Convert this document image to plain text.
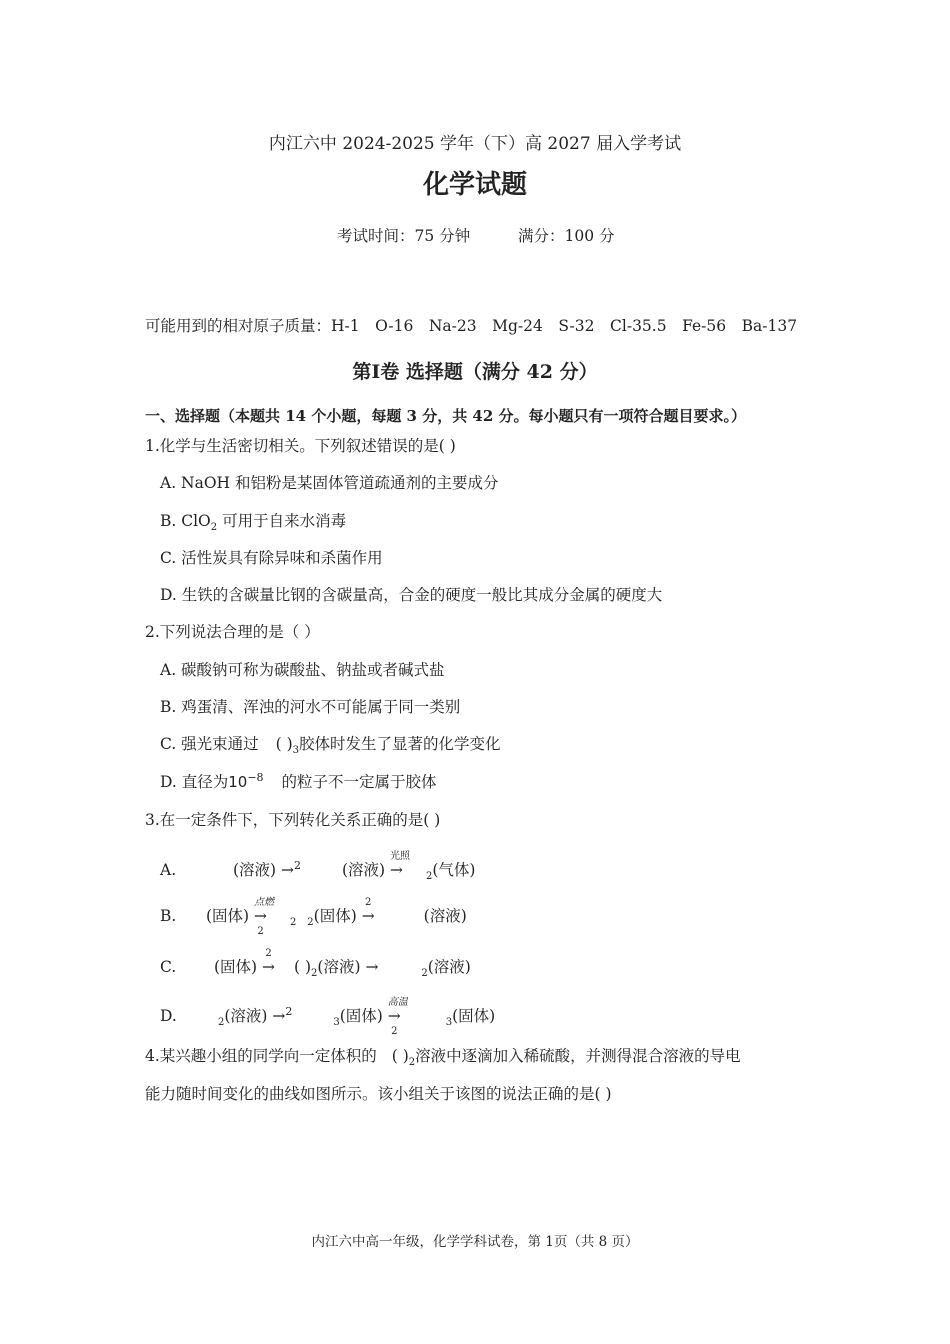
内江六中 2024-2025 学年（下）高 2027 届入学考试
化学试题
考试时间：75 分钟	满分：100 分
可能用到的相对原子质量：H-1　O-16　Na-23　Mg-24　S-32　Cl-35.5　Fe-56　Ba-137
第Ⅰ卷 选择题（满分 42 分）
一、选择题（本题共 14 个小题，每题 3 分，共 42 分。每小题只有一项符合题目要求。）
1.化学与生活密切相关。下列叙述错误的是( )
A. NaOH 和铝粉是某固体管道疏通剂的主要成分
B. ClO$_2$ 可用于自来水消毒
C. 活性炭具有除异味和杀菌作用
D. 生铁的含碳量比钢的含碳量高，合金的硬度一般比其成分金属的硬度大
2.下列说法合理的是（ ）
A. 碳酸钠可称为碳酸盐、钠盐或者碱式盐
B. 鸡蛋清、浑浊的河水不可能属于同一类别
C. 强光束通过 ( )$_3$胶体时发生了显著的化学变化
D. 直径为$10^{-8}$ 的粒子不一定属于胶体
3.在一定条件下，下列转化关系正确的是( )
A.	(溶液) →$^2$	(溶液)
光照
→ $_2$(气体)
B. (固体)
点燃
→
2
$_2$ $_2$(固体)
2
→	(溶液)
C. (固体)
2
→ ( )$_2$(溶液) →	$_2$(溶液)
D.	$_2$(溶液) →$^2$ $_3$(固体)
高温
→
2
$_3$(固体)
4.某兴趣小组的同学向一定体积的 ( )$_2$溶液中逐滴加入稀硫酸，并测得混合溶液的导电
能力随时间变化的曲线如图所示。该小组关于该图的说法正确的是( )
内江六中高一年级，化学学科试卷，第 1页（共 8 页）
